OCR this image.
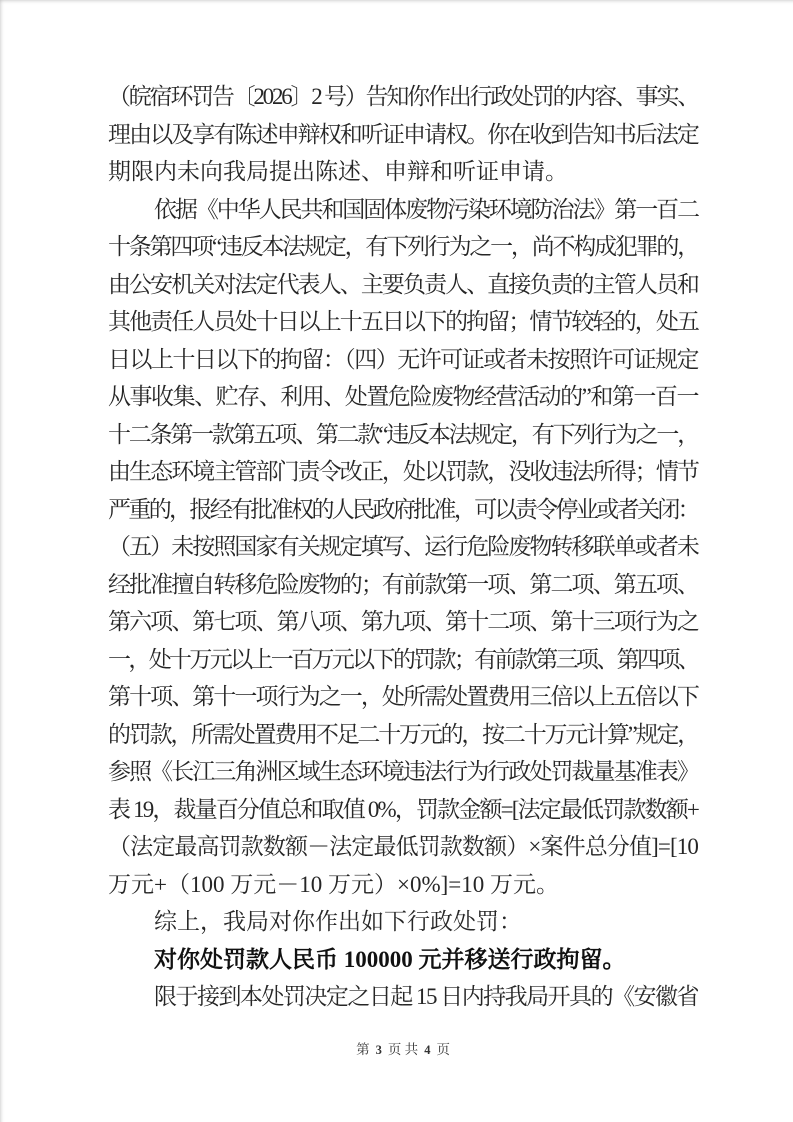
（皖宿环罚告〔2026〕2 号）告知你作出行政处罚的内容、事实、
理由以及享有陈述申辩权和听证申请权。你在收到告知书后法定
期限内未向我局提出陈述、申辩和听证申请。
依据《中华人民共和国固体废物污染环境防治法》第一百二
十条第四项“违反本法规定，有下列行为之一，尚不构成犯罪的，
由公安机关对法定代表人、主要负责人、直接负责的主管人员和
其他责任人员处十日以上十五日以下的拘留；情节较轻的，处五
日以上十日以下的拘留：（四）无许可证或者未按照许可证规定
从事收集、贮存、利用、处置危险废物经营活动的”和第一百一
十二条第一款第五项、第二款“违反本法规定，有下列行为之一，
由生态环境主管部门责令改正，处以罚款，没收违法所得；情节
严重的，报经有批准权的人民政府批准，可以责令停业或者关闭：
（五）未按照国家有关规定填写、运行危险废物转移联单或者未
经批准擅自转移危险废物的；有前款第一项、第二项、第五项、
第六项、第七项、第八项、第九项、第十二项、第十三项行为之
一，处十万元以上一百万元以下的罚款；有前款第三项、第四项、
第十项、第十一项行为之一，处所需处置费用三倍以上五倍以下
的罚款，所需处置费用不足二十万元的，按二十万元计算”规定，
参照《长江三角洲区域生态环境违法行为行政处罚裁量基准表》
表 19，裁量百分值总和取值 0%，罚款金额=[法定最低罚款数额+
（法定最高罚款数额－法定最低罚款数额）×案件总分值]=[10
万元+（100 万元－10 万元）×0%]=10 万元。
综上，我局对你作出如下行政处罚：
对你处罚款人民币 100000 元并移送行政拘留。
限于接到本处罚决定之日起 15 日内持我局开具的《安徽省
第 3 页 共 4 页
